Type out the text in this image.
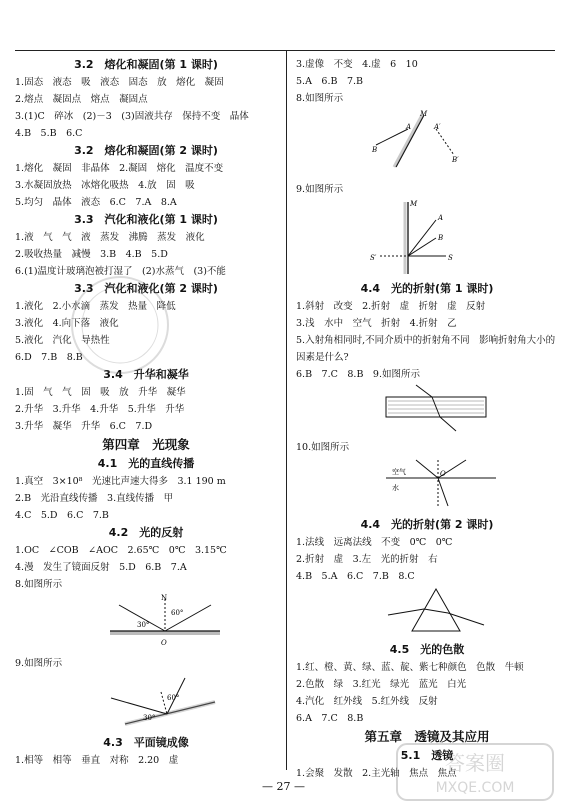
3.2　熔化和凝固(第 1 课时)
1.固态　液态　吸　液态　固态　放　熔化　凝固
2.熔点　凝固点　熔点　凝固点
3.(1)C　碎冰　(2)－3　(3)固液共存　保持不变　晶体
4.B　5.B　6.C
3.2　熔化和凝固(第 2 课时)
1.熔化　凝固　非晶体　2.凝固　熔化　温度不变
3.水凝固放热　冰熔化吸热　4.放　固　吸
5.均匀　晶体　液态　6.C　7.A　8.A
3.3　汽化和液化(第 1 课时)
1.液　气　气　液　蒸发　沸腾　蒸发　液化
2.吸收热量　减慢　3.B　4.B　5.D
6.(1)温度计玻璃泡被打湿了　(2)水蒸气　(3)不能
3.3　汽化和液化(第 2 课时)
1.液化　2.小水滴　蒸发　热量　降低
3.液化　4.向下落　液化
5.液化　汽化　导热性
6.D　7.B　8.B
3.4　升华和凝华
1.固　气　气　固　吸　放　升华　凝华
2.升华　3.升华　4.升华　5.升华　升华
3.升华　凝华　升华　6.C　7.D
第四章　光现象
4.1　光的直线传播
1.真空　3×10⁸　光速比声速大得多　3.1 190 m
2.B　光沿直线传播　3.直线传播　甲
4.C　5.D　6.C　7.B
4.2　光的反射
1.OC　∠COB　∠AOC　2.65℃　0℃　3.15℃
4.漫　发生了镜面反射　5.D　6.B　7.A
8.如图所示
N
O
30°
60°
9.如图所示
30°
60°
4.3　平面镜成像
1.相等　相等　垂直　对称　2.20　虚
3.虚像　不变　4.虚　6　10
5.A　6.B　7.B
8.如图所示
M
A
B
A′
B′
9.如图所示
M
A
B
S
S′
4.4　光的折射(第 1 课时)
1.斜射　改变　2.折射　虚　折射　虚　反射
3.浅　水中　空气　折射　4.折射　乙
5.入射角相同时,不同介质中的折射角不同　影响折射角大小的
因素是什么?
6.B　7.C　8.B　9.如图所示
10.如图所示
空气
水
O
4.4　光的折射(第 2 课时)
1.法线　远离法线　不变　0℃　0℃
2.折射　虚　3.左　光的折射　右
4.B　5.A　6.C　7.B　8.C
4.5　光的色散
1.红、橙、黄、绿、蓝、靛、紫七种颜色　色散　牛顿
2.色散　绿　3.红光　绿光　蓝光　白光
4.汽化　红外线　5.红外线　反射
6.A　7.C　8.B
第五章　透镜及其应用
5.1　透镜
1.会聚　发散　2.主光轴　焦点　焦点
— 27 —
答案圈
MXQE.COM
